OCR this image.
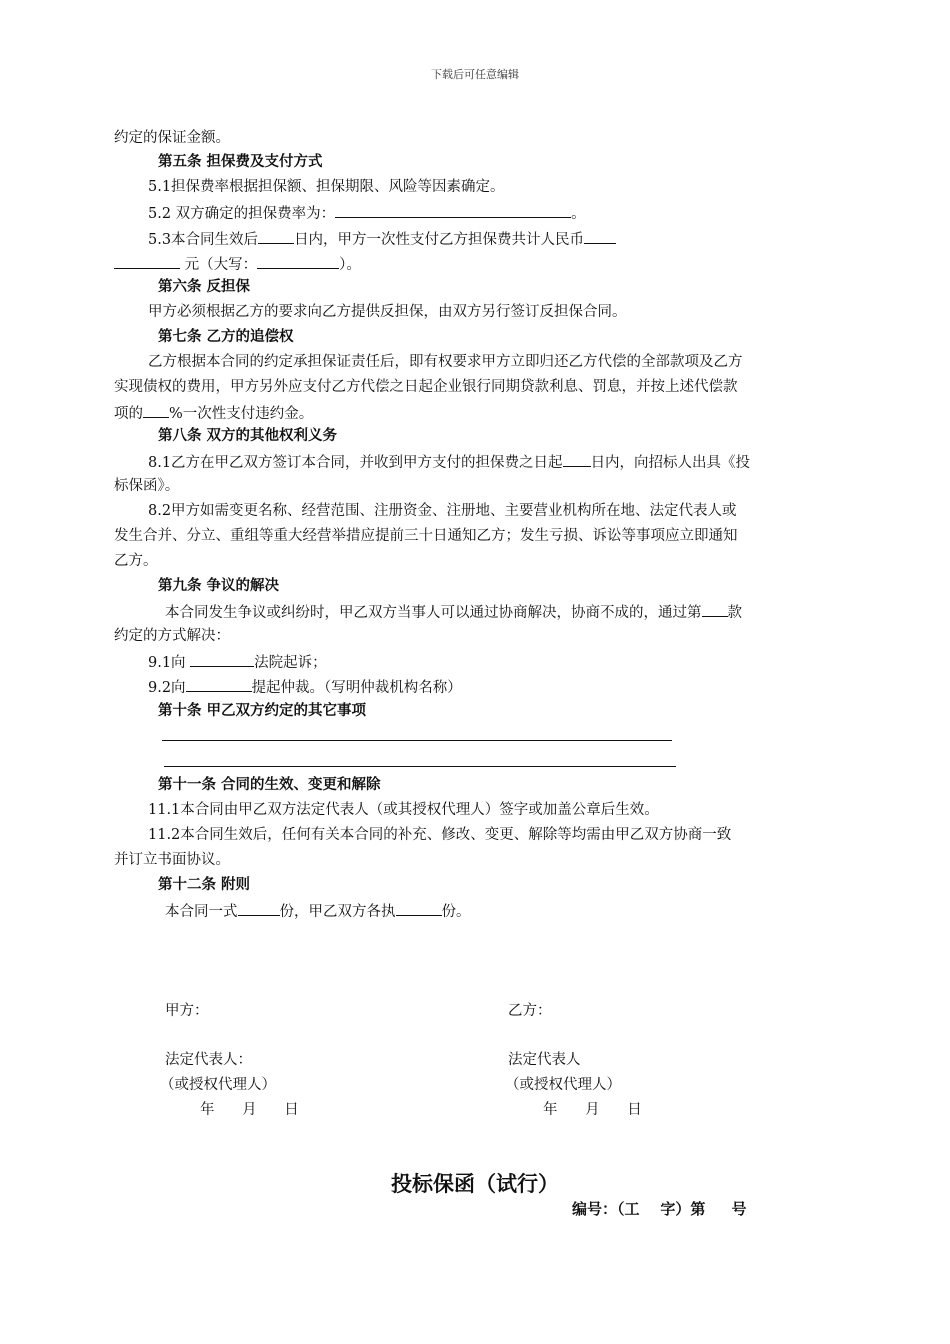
下载后可任意编辑
约定的保证金额。
第五条 担保费及支付方式
5.1担保费率根据担保额、担保期限、风险等因素确定。
5.2 双方确定的担保费率为：	。
5.3本合同生效后 日内，甲方一次性支付乙方担保费共计人民币
元（大写：	）。
第六条 反担保
甲方必须根据乙方的要求向乙方提供反担保，由双方另行签订反担保合同。
第七条 乙方的追偿权
乙方根据本合同的约定承担保证责任后，即有权要求甲方立即归还乙方代偿的全部款项及乙方
实现债权的费用，甲方另外应支付乙方代偿之日起企业银行同期贷款利息、罚息，并按上述代偿款
项的 %一次性支付违约金。
第八条 双方的其他权利义务
8.1乙方在甲乙双方签订本合同，并收到甲方支付的担保费之日起 日内，向招标人出具《投
标保函》。
8.2甲方如需变更名称、经营范围、注册资金、注册地、主要营业机构所在地、法定代表人或
发生合并、分立、重组等重大经营举措应提前三十日通知乙方；发生亏损、诉讼等事项应立即通知
乙方。
第九条 争议的解决
本合同发生争议或纠纷时，甲乙双方当事人可以通过协商解决，协商不成的，通过第 款
约定的方式解决：
9.1向	法院起诉；
9.2向	提起仲裁。（写明仲裁机构名称）
第十条 甲乙双方约定的其它事项
第十一条 合同的生效、变更和解除
11.1本合同由甲乙双方法定代表人（或其授权代理人）签字或加盖公章后生效。
11.2本合同生效后，任何有关本合同的补充、修改、变更、解除等均需由甲乙双方协商一致
并订立书面协议。
第十二条 附则
本合同一式	份，甲乙双方各执	份。
甲方：	乙方：
法定代表人：	法定代表人
（或授权代理人）	（或授权代理人）
年      月      日	年      月      日
投标保函（试行）
编号：（工    字）第     号
